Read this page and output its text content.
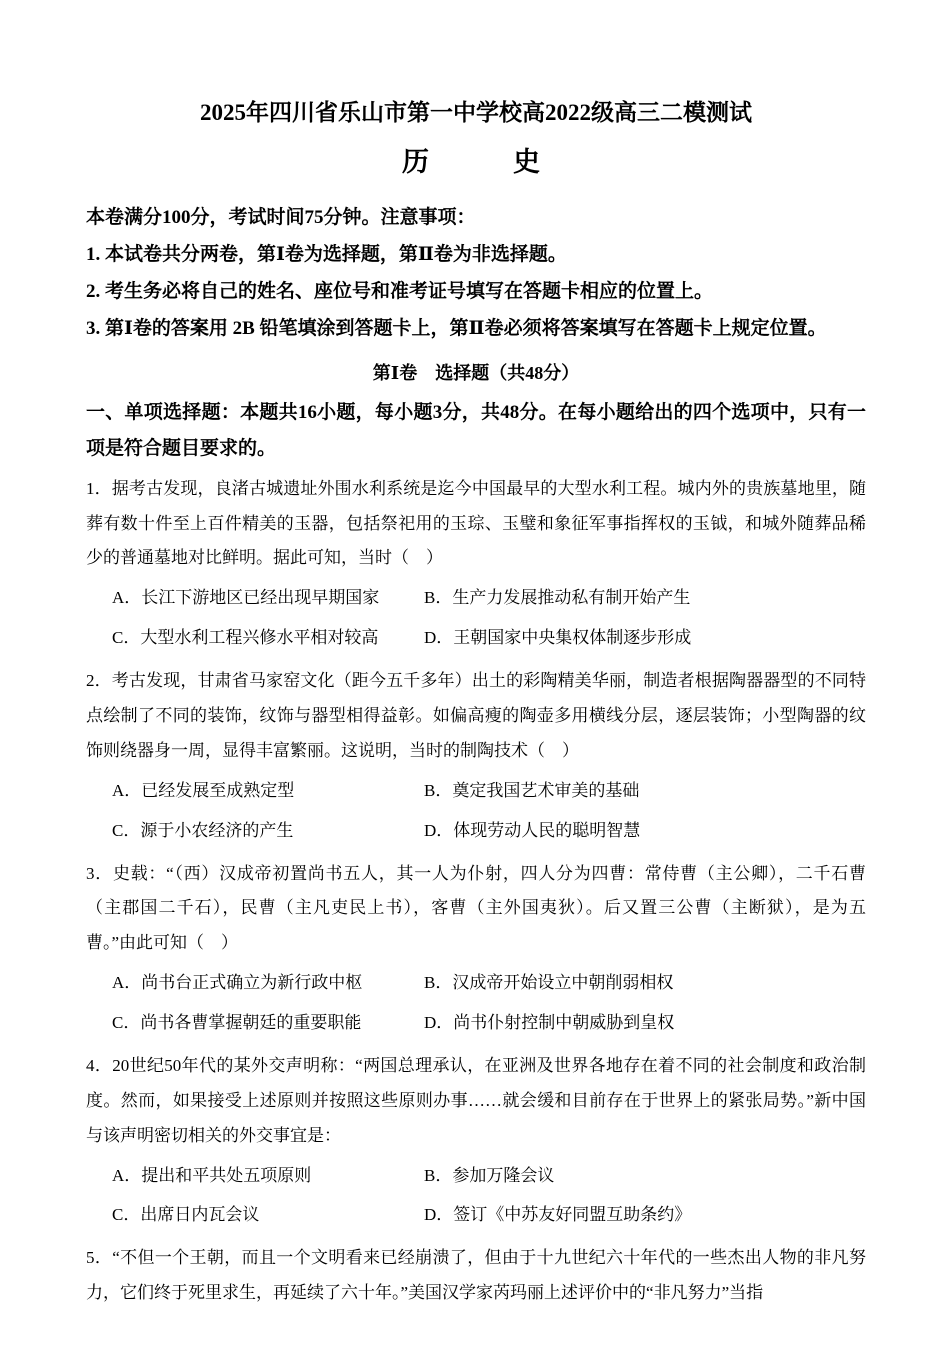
2025年四川省乐山市第一中学校高2022级高三二模测试
历　　史

本卷满分100分，考试时间75分钟。注意事项：

1. 本试卷共分两卷，第Ⅰ卷为选择题，第Ⅱ卷为非选择题。

2. 考生务必将自己的姓名、座位号和准考证号填写在答题卡相应的位置上。

3. 第Ⅰ卷的答案用 2B 铅笔填涂到答题卡上，第Ⅱ卷必须将答案填写在答题卡上规定位置。

第Ⅰ卷　选择题（共48分）

一、单项选择题：本题共16小题，每小题3分，共48分。在每小题给出的四个选项中，只有一项是符合题目要求的。

1．据考古发现，良渚古城遗址外围水利系统是迄今中国最早的大型水利工程。城内外的贵族墓地里，随葬有数十件至上百件精美的玉器，包括祭祀用的玉琮、玉璧和象征军事指挥权的玉钺，和城外随葬品稀少的普通墓地对比鲜明。据此可知，当时（　）

A．长江下游地区已经出现早期国家	B．生产力发展推动私有制开始产生
C．大型水利工程兴修水平相对较高	D．王朝国家中央集权体制逐步形成

2．考古发现，甘肃省马家窑文化（距今五千多年）出土的彩陶精美华丽，制造者根据陶器器型的不同特点绘制了不同的装饰，纹饰与器型相得益彰。如偏高瘦的陶壶多用横线分层，逐层装饰；小型陶器的纹饰则绕器身一周，显得丰富繁丽。这说明，当时的制陶技术（　）

A．已经发展至成熟定型	B．奠定我国艺术审美的基础
C．源于小农经济的产生	D．体现劳动人民的聪明智慧

3．史载：“（西）汉成帝初置尚书五人，其一人为仆射，四人分为四曹：常侍曹（主公卿），二千石曹（主郡国二千石），民曹（主凡吏民上书），客曹（主外国夷狄）。后又置三公曹（主断狱），是为五曹。”由此可知（　）

A．尚书台正式确立为新行政中枢	B．汉成帝开始设立中朝削弱相权
C．尚书各曹掌握朝廷的重要职能	D．尚书仆射控制中朝威胁到皇权

4．20世纪50年代的某外交声明称：“两国总理承认，在亚洲及世界各地存在着不同的社会制度和政治制度。然而，如果接受上述原则并按照这些原则办事……就会缓和目前存在于世界上的紧张局势。”新中国与该声明密切相关的外交事宜是：

A．提出和平共处五项原则	B．参加万隆会议
C．出席日内瓦会议	D．签订《中苏友好同盟互助条约》

5．“不但一个王朝，而且一个文明看来已经崩溃了，但由于十九世纪六十年代的一些杰出人物的非凡努力，它们终于死里求生，再延续了六十年。”美国汉学家芮玛丽上述评价中的“非凡努力”当指
